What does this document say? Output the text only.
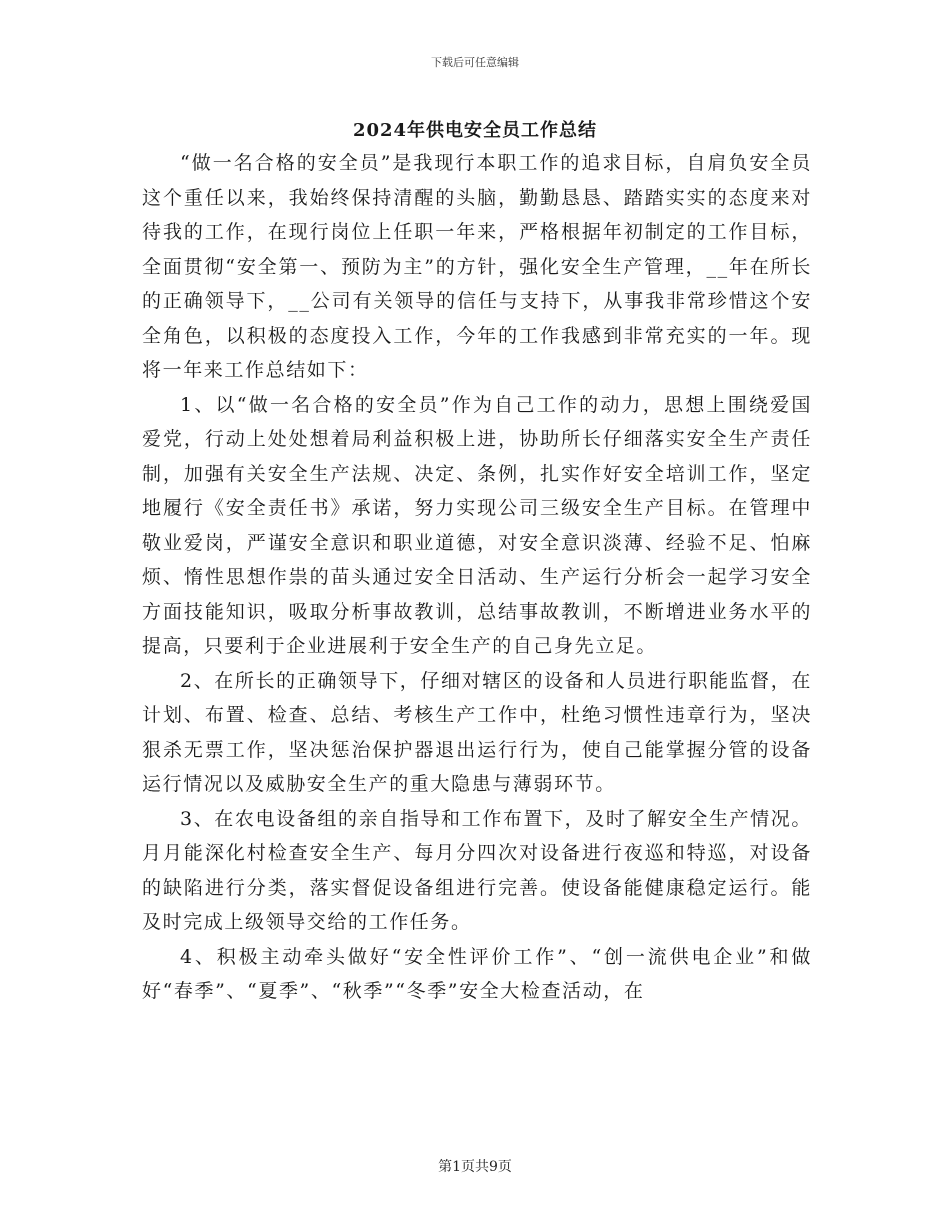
下载后可任意编辑
2024年供电安全员工作总结

“做一名合格的安全员”是我现行本职工作的追求目标，自肩负安全员这个重任以来，我始终保持清醒的头脑，勤勤恳恳、踏踏实实的态度来对待我的工作，在现行岗位上任职一年来，严格根据年初制定的工作目标，全面贯彻“安全第一、预防为主”的方针，强化安全生产管理，__年在所长的正确领导下，__公司有关领导的信任与支持下，从事我非常珍惜这个安全角色，以积极的态度投入工作，今年的工作我感到非常充实的一年。现将一年来工作总结如下：

1、以“做一名合格的安全员”作为自己工作的动力，思想上围绕爱国爱党，行动上处处想着局利益积极上进，协助所长仔细落实安全生产责任制，加强有关安全生产法规、决定、条例，扎实作好安全培训工作，坚定地履行《安全责任书》承诺，努力实现公司三级安全生产目标。在管理中敬业爱岗，严谨安全意识和职业道德，对安全意识淡薄、经验不足、怕麻烦、惰性思想作祟的苗头通过安全日活动、生产运行分析会一起学习安全方面技能知识，吸取分析事故教训，总结事故教训，不断增进业务水平的提高，只要利于企业进展利于安全生产的自己身先立足。

2、在所长的正确领导下，仔细对辖区的设备和人员进行职能监督，在计划、布置、检查、总结、考核生产工作中，杜绝习惯性违章行为，坚决狠杀无票工作，坚决惩治保护器退出运行行为，使自己能掌握分管的设备运行情况以及威胁安全生产的重大隐患与薄弱环节。

3、在农电设备组的亲自指导和工作布置下，及时了解安全生产情况。月月能深化村检查安全生产、每月分四次对设备进行夜巡和特巡，对设备的缺陷进行分类，落实督促设备组进行完善。使设备能健康稳定运行。能及时完成上级领导交给的工作任务。

4、积极主动牵头做好“安全性评价工作”、“创一流供电企业”和做好“春季”、“夏季”、“秋季”“冬季”安全大检查活动，在

第1页共9页
